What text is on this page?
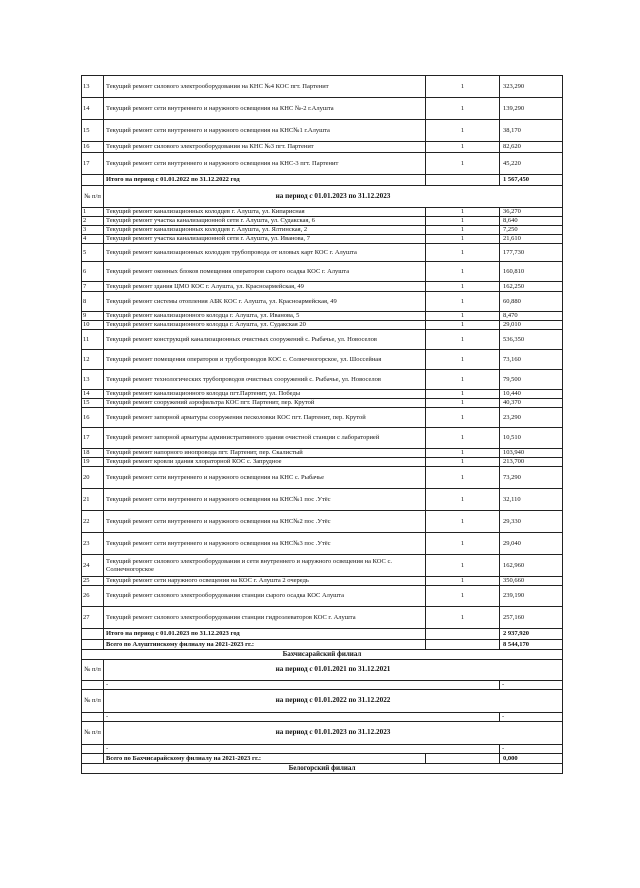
13	Текущий ремонт силового электрооборудования на КНС №4 КОС пгт. Партенит	1	323,290
14	Текущий ремонт сети внутреннего и наружного освещения на КНС №-2 г.Алушта	1	139,290
15	Текущий ремонт сети внутреннего и наружного освещения на КНС№1 г.Алушта	1	38,170
16	Текущий ремонт силового электрооборудования на КНС №3 пгт. Партенит	1	82,620
17	Текущий ремонт сети внутреннего и наружного освещения на КНС-3 пгт. Партенит	1	45,220
	Итого на период с 01.01.2022 по 31.12.2022 год		1 567,450
№ п/п	на период с 01.01.2023 по 31.12.2023		
1	Текущий ремонт канализационных колодцев г. Алушта, ул. Кипарисная	1	36,270
2	Текущий ремонт участка канализационной сети г. Алушта, ул. Судакская, 6	1	8,640
3	Текущий ремонт канализационных колодцев г. Алушта, ул. Ялтинская, 2	1	7,250
4	Текущий ремонт участка канализационной сети г. Алушта, ул. Иванова, 7	1	21,610
5	Текущий ремонт канализационных колодцев трубопровода от иловых карт КОС г. Алушта	1	177,730
6	Текущий ремонт оконных блоков помещения операторов сырого осадка КОС г. Алушта	1	160,810
7	Текущий ремонт здания ЦМО КОС г. Алушта, ул. Красноармейская, 49	1	162,250
8	Текущий ремонт системы отопления АБК КОС г. Алушта, ул. Красноармейская, 49	1	60,880
9	Текущий ремонт канализационного колодца г. Алушта, ул. Иванова, 5	1	8,470
10	Текущий ремонт канализационного колодца г. Алушта, ул. Судакская 20	1	29,010
11	Текущий ремонт конструкций канализационных очистных сооружений с. Рыбачье, ул. Новоселов	1	536,350
12	Текущий ремонт помещения операторов и трубопроводов КОС с. Солнечногорское, ул. Шоссейная	1	73,160
13	Текущий ремонт технологических трубопроводов очистных сооружений с. Рыбачье, ул. Новоселов	1	79,500
14	Текущий ремонт канализационного колодца пгт.Партенит, ул. Победы	1	10,440
15	Текущий ремонт сооружений аэрофильтра КОС пгт. Партенит, пер. Крутой	1	40,370
16	Текущий ремонт запорной арматуры сооружения песколовки КОС пгт. Партенит, пер. Крутой	1	23,290
17	Текущий ремонт запорной арматуры административного здания очистной станции с лабораторией	1	10,510
18	Текущий ремонт напорного инопровода пгт. Партенит, пер. Скалистый	1	103,940
19	Текущий ремонт кровли здания хлораторной КОС с. Запрудное	1	213,700
20	Текущий ремонт сети внутреннего и наружного освещения на КНС с. Рыбачье	1	73,290
21	Текущий ремонт сети внутреннего и наружного освещения на КНС№1 пос .Утёс	1	32,110
22	Текущий ремонт сети внутреннего и наружного освещения на КНС№2 пос .Утёс	1	29,330
23	Текущий ремонт сети внутреннего и наружного освещения на КНС№3 пос .Утёс	1	29,040
24	Текущий ремонт силового электрооборудования и сети внутреннего и наружного освещения на КОС с. Солнечногорское	1	162,960
25	Текущий ремонт сети наружного освещения на КОС г. Алушта 2 очередь	1	350,660
26	Текущий ремонт силового электрооборудования станции сырого осадка КОС Алушта	1	239,190
27	Текущий ремонт силового электрооборудования станции гидроэлеваторов КОС г. Алушта	1	257,160
	Итого на период с 01.01.2023 по 31.12.2023 год		2 937,920
	Всего по Алуштинскому филиалу на 2021-2023 гг.:		8 544,170
Бахчисарайский филиал			
№ п/п	на период с 01.01.2021 по 31.12.2021		
	-		-
№ п/п	на период с 01.01.2022 по 31.12.2022		
	-		-
№ п/п	на период с 01.01.2023 по 31.12.2023		
	-		-
	Всего по Бахчисарайскому филиалу на 2021-2023 гг.:		0,000
Белогорский филиал			
